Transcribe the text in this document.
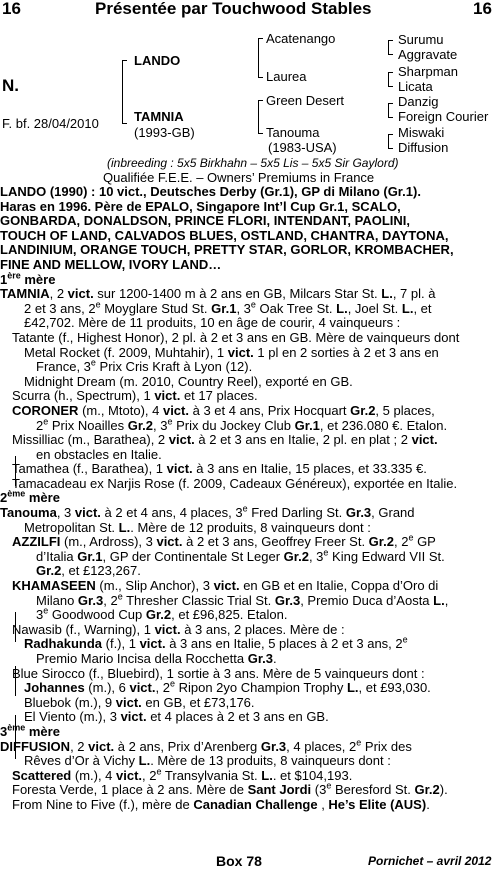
16	Présentée par Touchwood Stables	16
N.
F. bf. 28/04/2010
LANDO
TAMNIA
(1993-GB)
Acatenango
Laurea
Green Desert
Tanouma
(1983-USA)
Surumu
Aggravate
Sharpman
Licata
Danzig
Foreign Courier
Miswaki
Diffusion
(inbreeding : 5x5 Birkhahn – 5x5 Lis – 5x5 Sir Gaylord)
Qualifiée F.E.E. – Owners’ Premiums in France
LANDO (1990) : 10 vict., Deutsches Derby (Gr.1), GP di Milano (Gr.1).
Haras en 1996. Père de EPALO, Singapore Int’l Cup Gr.1, SCALO,
GONBARDA, DONALDSON, PRINCE FLORI, INTENDANT, PAOLINI,
TOUCH OF LAND, CALVADOS BLUES, OSTLAND, CHANTRA, DAYTONA,
LANDINIUM, ORANGE TOUCH, PRETTY STAR, GORLOR, KROMBACHER,
FINE AND MELLOW, IVORY LAND…
1ère mère
TAMNIA, 2 vict. sur 1200-1400 m à 2 ans en GB, Milcars Star St. L., 7 pl. à
2 et 3 ans, 2e Moyglare Stud St. Gr.1, 3e Oak Tree St. L., Joel St. L., et
£42,702. Mère de 11 produits, 10 en âge de courir, 4 vainqueurs :
Tatante (f., Highest Honor), 2 pl. à 2 et 3 ans en GB. Mère de vainqueurs dont
Metal Rocket (f. 2009, Muhtahir), 1 vict. 1 pl en 2 sorties à 2 et 3 ans en
France, 3e Prix Cris Kraft à Lyon (12).
Midnight Dream (m. 2010, Country Reel), exporté en GB.
Scurra (h., Spectrum), 1 vict. et 17 places.
CORONER (m., Mtoto), 4 vict. à 3 et 4 ans, Prix Hocquart Gr.2, 5 places,
2e Prix Noailles Gr.2, 3e Prix du Jockey Club Gr.1, et 236.080 €. Etalon.
Missilliac (m., Barathea), 2 vict. à 2 et 3 ans en Italie, 2 pl. en plat ; 2 vict.
en obstacles en Italie.
Tamathea (f., Barathea), 1 vict. à 3 ans en Italie, 15 places, et 33.335 €.
Tamacadeau ex Narjis Rose (f. 2009, Cadeaux Généreux), exportée en Italie.
2ème mère
Tanouma, 3 vict. à 2 et 4 ans, 4 places, 3e Fred Darling St. Gr.3, Grand
Metropolitan St. L.. Mère de 12 produits, 8 vainqueurs dont :
AZZILFI (m., Ardross), 3 vict. à 2 et 3 ans, Geoffrey Freer St. Gr.2, 2e GP
d’Italia Gr.1, GP der Continentale St Leger Gr.2, 3e King Edward VII St.
Gr.2, et £123,267.
KHAMASEEN (m., Slip Anchor), 3 vict. en GB et en Italie, Coppa d’Oro di
Milano Gr.3, 2e Thresher Classic Trial St. Gr.3, Premio Duca d’Aosta L.,
3e Goodwood Cup Gr.2, et £96,825. Etalon.
Nawasib (f., Warning), 1 vict. à 3 ans, 2 places. Mère de :
Radhakunda (f.), 1 vict. à 3 ans en Italie, 5 places à 2 et 3 ans, 2e
Premio Mario Incisa della Rocchetta Gr.3.
Blue Sirocco (f., Bluebird), 1 sortie à 3 ans. Mère de 5 vainqueurs dont :
Johannes (m.), 6 vict., 2e Ripon 2yo Champion Trophy L., et £93,030.
Bluebok (m.), 9 vict. en GB, et £73,176.
El Viento (m.), 3 vict. et 4 places à 2 et 3 ans en GB.
3ème mère
DIFFUSION, 2 vict. à 2 ans, Prix d’Arenberg Gr.3, 4 places, 2e Prix des
Rêves d’Or à Vichy L.. Mère de 13 produits, 8 vainqueurs dont :
Scattered (m.), 4 vict., 2e Transylvania St. L.. et $104,193.
Foresta Verde, 1 place à 2 ans. Mère de Sant Jordi (3e Beresford St. Gr.2).
From Nine to Five (f.), mère de Canadian Challenge , He’s Elite (AUS).
Box 78	Pornichet – avril 2012
